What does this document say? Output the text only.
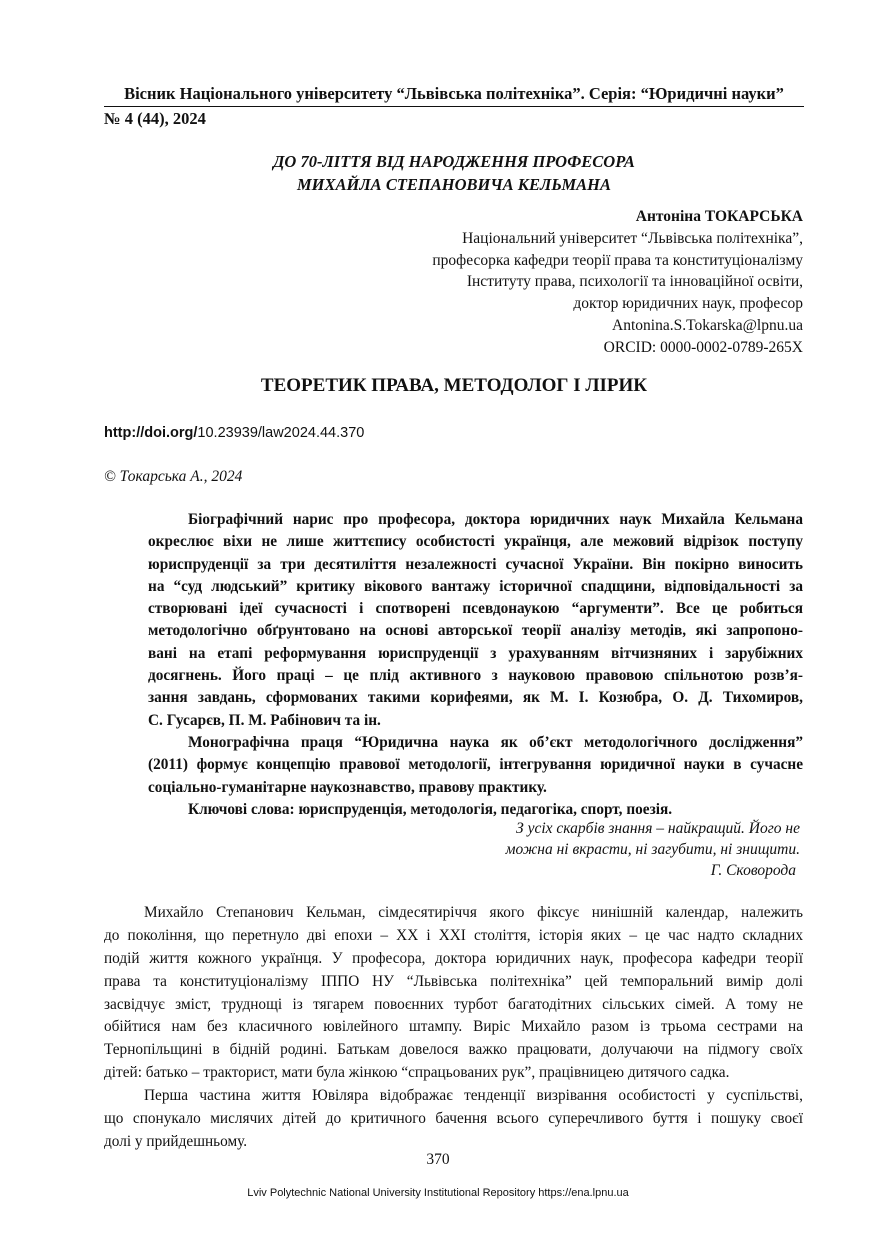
Вісник Національного університету “Львівська політехніка”. Серія: “Юридичні науки”
№ 4 (44), 2024
ДО 70-ЛІТТЯ ВІД НАРОДЖЕННЯ ПРОФЕСОРА
МИХАЙЛА СТЕПАНОВИЧА КЕЛЬМАНА
Антоніна ТОКАРСЬКА
Національний університет “Львівська політехніка”,
професорка кафедри теорії права та конституціоналізму
Інституту права, психології та інноваційної освіти,
доктор юридичних наук, професор
Antonina.S.Tokarska@lpnu.ua
ORCID: 0000-0002-0789-265X
ТЕОРЕТИК ПРАВА, МЕТОДОЛОГ І ЛІРИК
http://doi.org/10.23939/law2024.44.370
© Токарська А., 2024
Біографічний нарис про професора, доктора юридичних наук Михайла Кельмана
окреслює віхи не лише життєпису особистості українця, але межовий відрізок поступу
юриспруденції за три десятиліття незалежності сучасної України. Він покірно виносить
на “суд людський” критику вікового вантажу історичної спадщини, відповідальності за
створювані ідеї сучасності і спотворені псевдонаукою “аргументи”. Все це робиться
методологічно обґрунтовано на основі авторської теорії аналізу методів, які запропоно-
вані на етапі реформування юриспруденції з урахуванням вітчизняних і зарубіжних
досягнень. Його праці – це плід активного з науковою правовою спільнотою розв’я-
зання завдань, сформованих такими корифеями, як М. І. Козюбра, О. Д. Тихомиров,
С. Гусарєв, П. М. Рабінович та ін.
Монографічна праця “Юридична наука як об’єкт методологічного дослідження”
(2011) формує концепцію правової методології, інтегрування юридичної науки в сучасне
соціально-гуманітарне наукознавство, правову практику.
Ключові слова: юриспруденція, методологія, педагогіка, спорт, поезія.
З усіх скарбів знання – найкращий. Його не
можна ні вкрасти, ні загубити, ні знищити.
Г. Сковорода
Михайло Степанович Кельман, сімдесятиріччя якого фіксує нинішній календар, належить
до покоління, що перетнуло дві епохи – XX і XXI століття, історія яких – це час надто складних
подій життя кожного українця. У професора, доктора юридичних наук, професора кафедри теорії
права та конституціоналізму ІППО НУ “Львівська політехніка” цей темпоральний вимір долі
засвідчує зміст, труднощі із тягарем повоєнних турбот багатодітних сільських сімей. А тому не
обійтися нам без класичного ювілейного штампу. Виріс Михайло разом із трьома сестрами на
Тернопільщині в бідній родині. Батькам довелося важко працювати, долучаючи на підмогу своїх
дітей: батько – тракторист, мати була жінкою “спрацьованих рук”, працівницею дитячого садка.
Перша частина життя Ювіляра відображає тенденції визрівання особистості у суспільстві,
що спонукало мислячих дітей до критичного бачення всього суперечливого буття і пошуку своєї
долі у прийдешньому.
370
Lviv Polytechnic National University Institutional Repository https://ena.lpnu.ua
